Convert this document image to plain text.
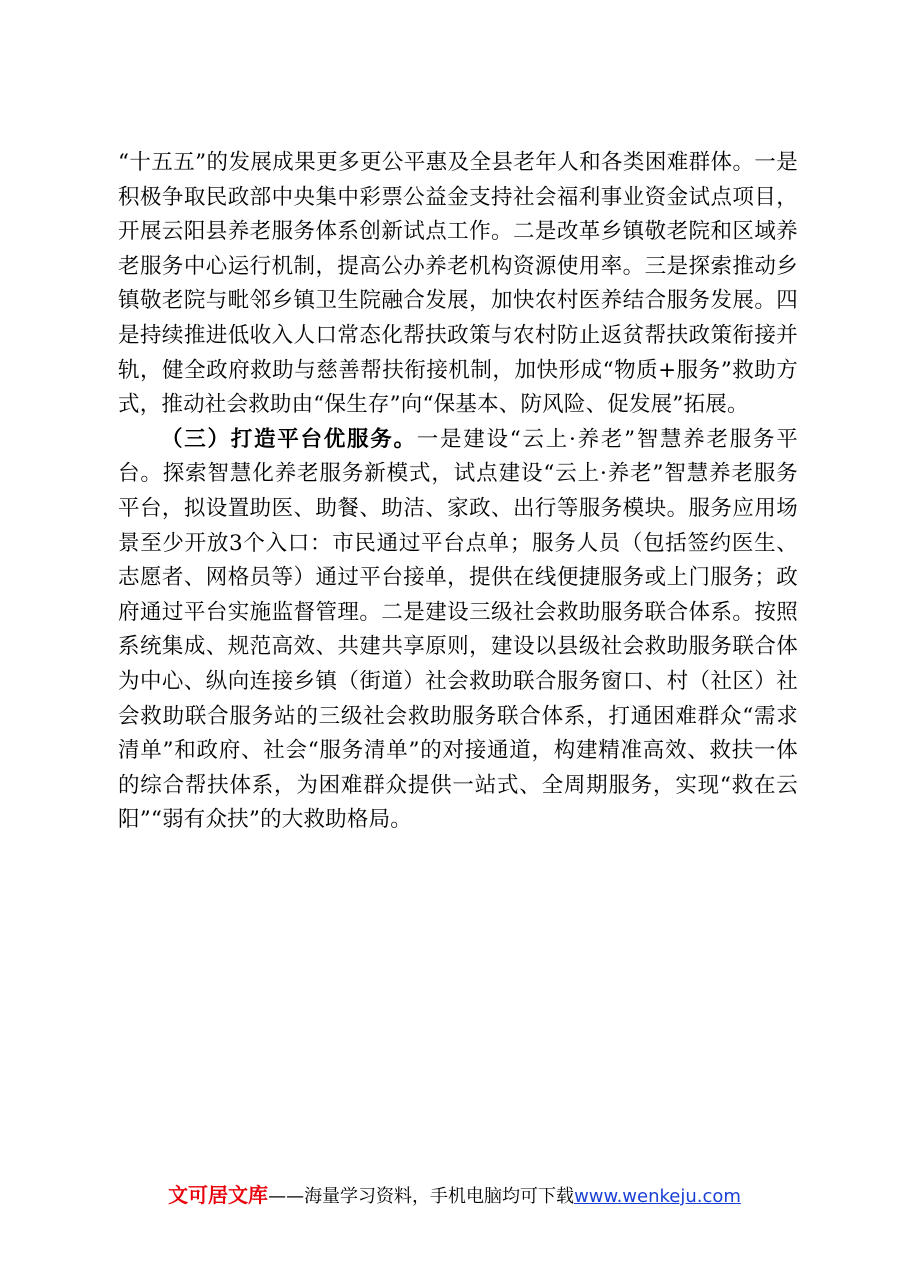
“十五五”的发展成果更多更公平惠及全县老年人和各类困难群体。一是积极争取民政部中央集中彩票公益金支持社会福利事业资金试点项目，开展云阳县养老服务体系创新试点工作。二是改革乡镇敬老院和区域养老服务中心运行机制，提高公办养老机构资源使用率。三是探索推动乡镇敬老院与毗邻乡镇卫生院融合发展，加快农村医养结合服务发展。四是持续推进低收入人口常态化帮扶政策与农村防止返贫帮扶政策衔接并轨，健全政府救助与慈善帮扶衔接机制，加快形成“物质+服务”救助方式，推动社会救助由“保生存”向“保基本、防风险、促发展”拓展。

（三）打造平台优服务。一是建设“云上·养老”智慧养老服务平台。探索智慧化养老服务新模式，试点建设“云上·养老”智慧养老服务平台，拟设置助医、助餐、助洁、家政、出行等服务模块。服务应用场景至少开放3个入口：市民通过平台点单；服务人员（包括签约医生、志愿者、网格员等）通过平台接单，提供在线便捷服务或上门服务；政府通过平台实施监督管理。二是建设三级社会救助服务联合体系。按照系统集成、规范高效、共建共享原则，建设以县级社会救助服务联合体为中心、纵向连接乡镇（街道）社会救助联合服务窗口、村（社区）社会救助联合服务站的三级社会救助服务联合体系，打通困难群众“需求清单”和政府、社会“服务清单”的对接通道，构建精准高效、救扶一体的综合帮扶体系，为困难群众提供一站式、全周期服务，实现“救在云阳”“弱有众扶”的大救助格局。

文可居文库——海量学习资料，手机电脑均可下载www.wenkeju.com
